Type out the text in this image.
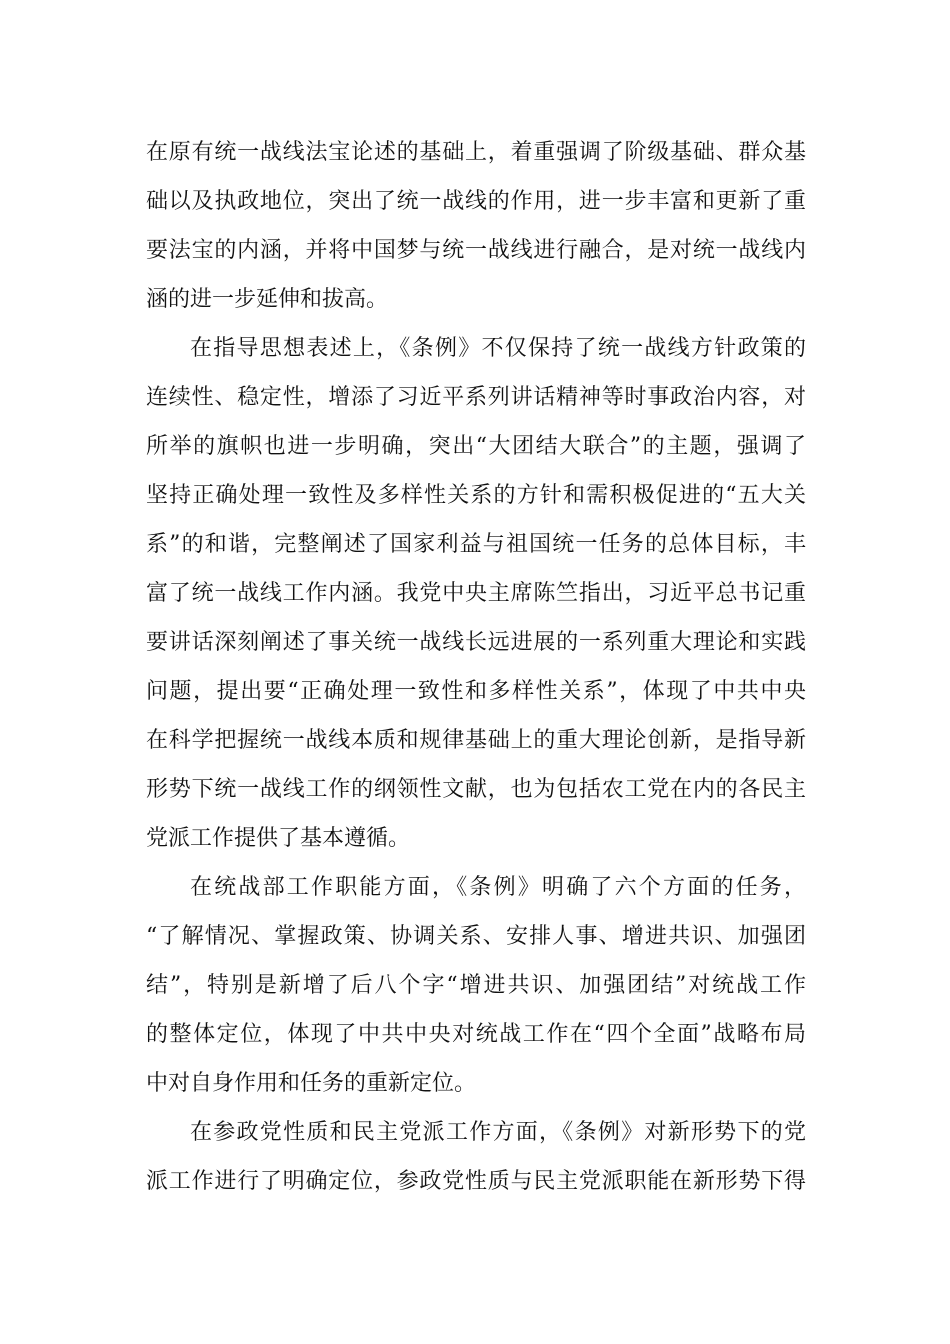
在原有统一战线法宝论述的基础上，着重强调了阶级基础、群众基
础以及执政地位，突出了统一战线的作用，进一步丰富和更新了重
要法宝的内涵，并将中国梦与统一战线进行融合，是对统一战线内
涵的进一步延伸和拔高。
在指导思想表述上，《条例》不仅保持了统一战线方针政策的
连续性、稳定性，增添了习近平系列讲话精神等时事政治内容，对
所举的旗帜也进一步明确，突出“大团结大联合”的主题，强调了
坚持正确处理一致性及多样性关系的方针和需积极促进的“五大关
系”的和谐，完整阐述了国家利益与祖国统一任务的总体目标，丰
富了统一战线工作内涵。我党中央主席陈竺指出，习近平总书记重
要讲话深刻阐述了事关统一战线长远进展的一系列重大理论和实践
问题，提出要“正确处理一致性和多样性关系”，体现了中共中央
在科学把握统一战线本质和规律基础上的重大理论创新，是指导新
形势下统一战线工作的纲领性文献，也为包括农工党在内的各民主
党派工作提供了基本遵循。
在统战部工作职能方面，《条例》明确了六个方面的任务，
“了解情况、掌握政策、协调关系、安排人事、增进共识、加强团
结”，特别是新增了后八个字“增进共识、加强团结”对统战工作
的整体定位，体现了中共中央对统战工作在“四个全面”战略布局
中对自身作用和任务的重新定位。
在参政党性质和民主党派工作方面，《条例》对新形势下的党
派工作进行了明确定位，参政党性质与民主党派职能在新形势下得
